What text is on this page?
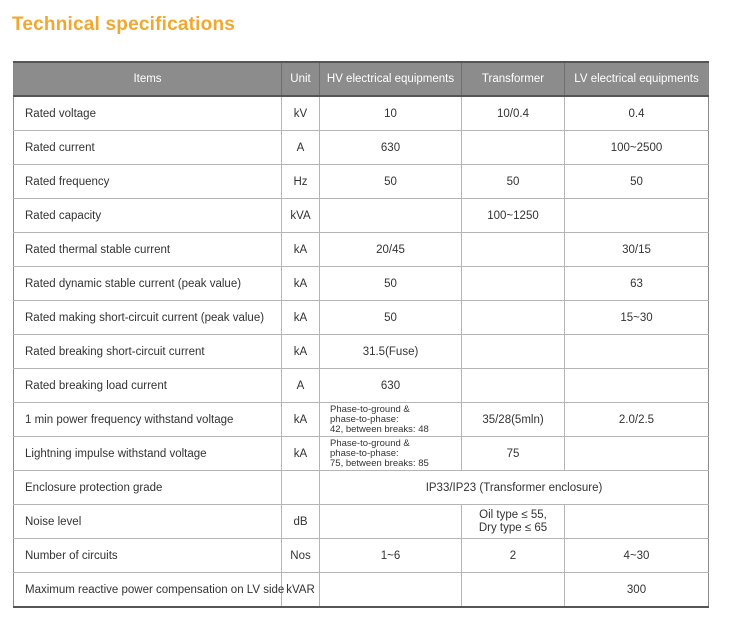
Technical specifications
Items	Unit	HV electrical equipments	Transformer	LV electrical equipments
Rated voltage	kV	10	10/0.4	0.4
Rated current	A	630		100~2500
Rated frequency	Hz	50	50	50
Rated capacity	kVA		100~1250	
Rated thermal stable current	kA	20/45		30/15
Rated dynamic stable current (peak value)	kA	50		63
Rated making short-circuit current (peak value)	kA	50		15~30
Rated breaking short-circuit current	kA	31.5(Fuse)		
Rated breaking load current	A	630		
1 min power frequency withstand voltage	kA	Phase-to-ground &
phase-to-phase:
42, between breaks: 48	35/28(5mln)	2.0/2.5
Lightning impulse withstand voltage	kA	Phase-to-ground &
phase-to-phase:
75, between breaks: 85	75	
Enclosure protection grade		IP33/IP23 (Transformer enclosure)		
Noise level	dB		Oil type ≤ 55,
Dry type ≤ 65	

Number of circuits	Nos	1~6	2	4~30
Maximum reactive power compensation on LV side	kVAR			300
